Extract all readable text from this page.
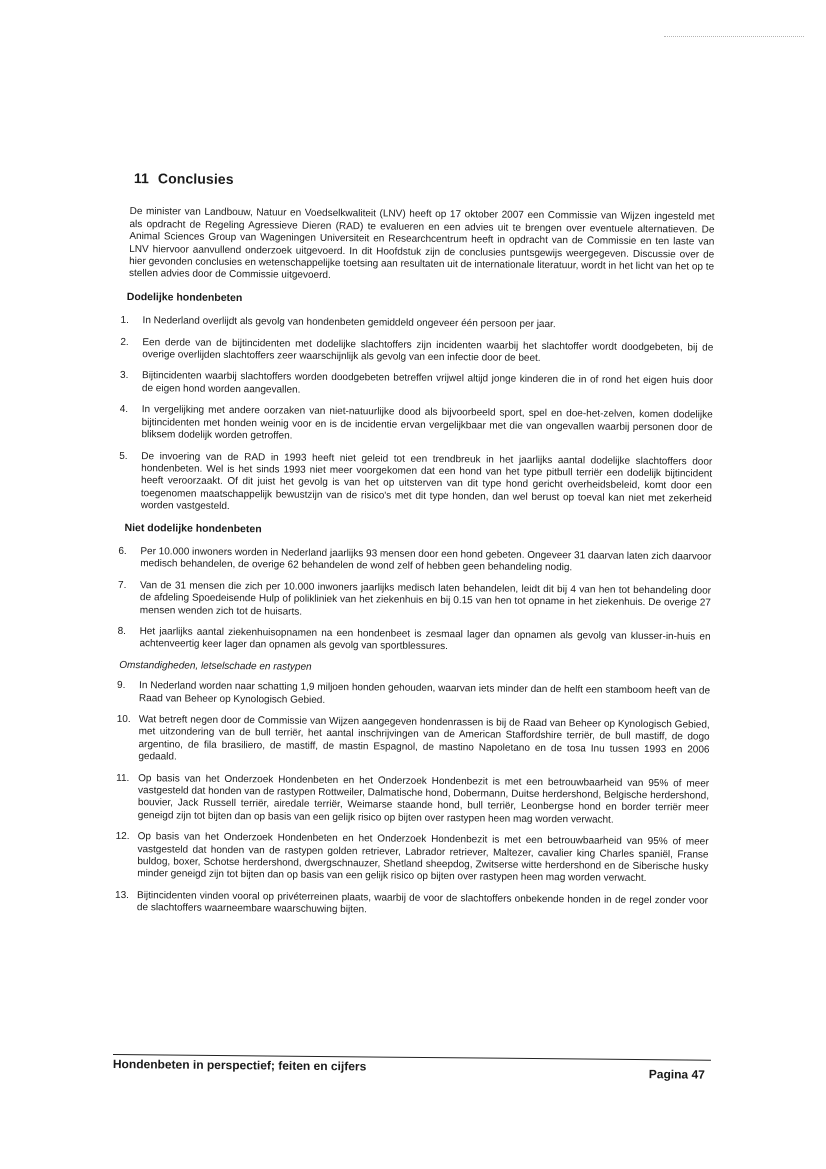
11 Conclusies

De minister van Landbouw, Natuur en Voedselkwaliteit (LNV) heeft op 17 oktober 2007 een Commissie van Wijzen ingesteld met als opdracht de Regeling Agressieve Dieren (RAD) te evalueren en een advies uit te brengen over eventuele alternatieven. De Animal Sciences Group van Wageningen Universiteit en Researchcentrum heeft in opdracht van de Commissie en ten laste van LNV hiervoor aanvullend onderzoek uitgevoerd. In dit Hoofdstuk zijn de conclusies puntsgewijs weergegeven. Discussie over de hier gevonden conclusies en wetenschappelijke toetsing aan resultaten uit de internationale literatuur, wordt in het licht van het op te stellen advies door de Commissie uitgevoerd.

Dodelijke hondenbeten
1.	In Nederland overlijdt als gevolg van hondenbeten gemiddeld ongeveer één persoon per jaar.
2.	Een derde van de bijtincidenten met dodelijke slachtoffers zijn incidenten waarbij het slachtoffer wordt doodgebeten, bij de overige overlijden slachtoffers zeer waarschijnlijk als gevolg van een infectie door de beet.
3.	Bijtincidenten waarbij slachtoffers worden doodgebeten betreffen vrijwel altijd jonge kinderen die in of rond het eigen huis door de eigen hond worden aangevallen.
4.	In vergelijking met andere oorzaken van niet-natuurlijke dood als bijvoorbeeld sport, spel en doe-het-zelven, komen dodelijke bijtincidenten met honden weinig voor en is de incidentie ervan vergelijkbaar met die van ongevallen waarbij personen door de bliksem dodelijk worden getroffen.
5.	De invoering van de RAD in 1993 heeft niet geleid tot een trendbreuk in het jaarlijks aantal dodelijke slachtoffers door hondenbeten. Wel is het sinds 1993 niet meer voorgekomen dat een hond van het type pitbull terriër een dodelijk bijtincident heeft veroorzaakt. Of dit juist het gevolg is van het op uitsterven van dit type hond gericht overheidsbeleid, komt door een toegenomen maatschappelijk bewustzijn van de risico's met dit type honden, dan wel berust op toeval kan niet met zekerheid worden vastgesteld.
Niet dodelijke hondenbeten
6.	Per 10.000 inwoners worden in Nederland jaarlijks 93 mensen door een hond gebeten. Ongeveer 31 daarvan laten zich daarvoor medisch behandelen, de overige 62 behandelen de wond zelf of hebben geen behandeling nodig.
7.	Van de 31 mensen die zich per 10.000 inwoners jaarlijks medisch laten behandelen, leidt dit bij 4 van hen tot behandeling door de afdeling Spoedeisende Hulp of polikliniek van het ziekenhuis en bij 0.15 van hen tot opname in het ziekenhuis. De overige 27 mensen wenden zich tot de huisarts.
8.	Het jaarlijks aantal ziekenhuisopnamen na een hondenbeet is zesmaal lager dan opnamen als gevolg van klusser-in-huis en achtenveertig keer lager dan opnamen als gevolg van sportblessures.
Omstandigheden, letselschade en rastypen
9.	In Nederland worden naar schatting 1,9 miljoen honden gehouden, waarvan iets minder dan de helft een stamboom heeft van de Raad van Beheer op Kynologisch Gebied.
10. Wat betreft negen door de Commissie van Wijzen aangegeven hondenrassen is bij de Raad van Beheer op Kynologisch Gebied, met uitzondering van de bull terriër, het aantal inschrijvingen van de American Staffordshire terriër, de bull mastiff, de dogo argentino, de fila brasiliero, de mastiff, de mastin Espagnol, de mastino Napoletano en de tosa Inu tussen 1993 en 2006 gedaald.
11. Op basis van het Onderzoek Hondenbeten en het Onderzoek Hondenbezit is met een betrouwbaarheid van 95% of meer vastgesteld dat honden van de rastypen Rottweiler, Dalmatische hond, Dobermann, Duitse herdershond, Belgische herdershond, bouvier, Jack Russell terriër, airedale terriër, Weimarse staande hond, bull terriër, Leonbergse hond en border terriër meer geneigd zijn tot bijten dan op basis van een gelijk risico op bijten over rastypen heen mag worden verwacht.
12. Op basis van het Onderzoek Hondenbeten en het Onderzoek Hondenbezit is met een betrouwbaarheid van 95% of meer vastgesteld dat honden van de rastypen golden retriever, Labrador retriever, Maltezer, cavalier king Charles spaniël, Franse buldog, boxer, Schotse herdershond, dwergschnauzer, Shetland sheepdog, Zwitserse witte herdershond en de Siberische husky minder geneigd zijn tot bijten dan op basis van een gelijk risico op bijten over rastypen heen mag worden verwacht.
13. Bijtincidenten vinden vooral op privéterreinen plaats, waarbij de voor de slachtoffers onbekende honden in de regel zonder voor de slachtoffers waarneembare waarschuwing bijten.
Hondenbeten in perspectief; feiten en cijfers
Pagina 47
